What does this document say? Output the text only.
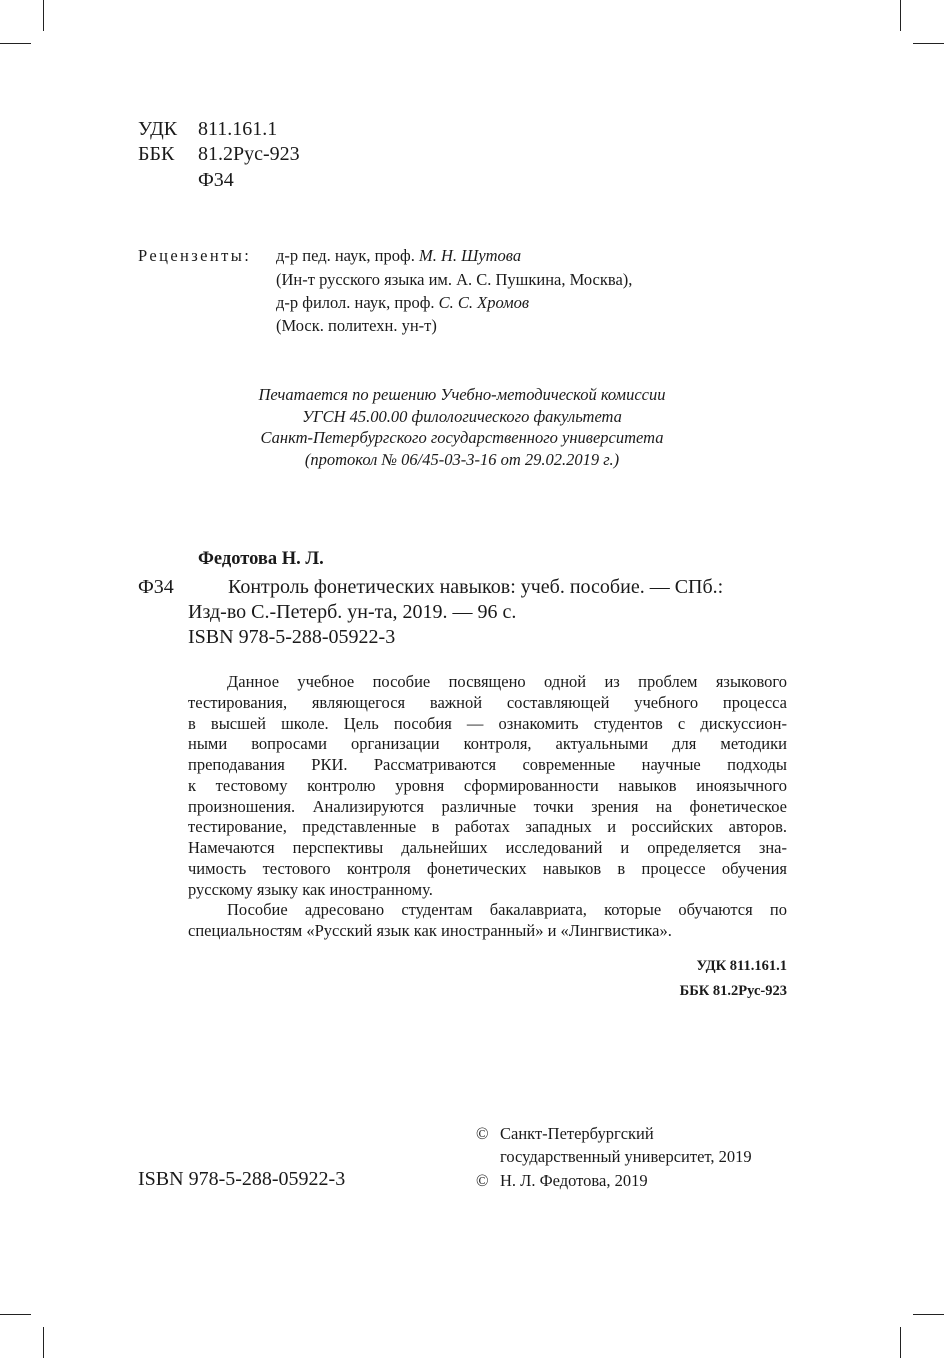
УДК 811.161.1
ББК 81.2Рус-923
Ф34
Рецензенты: д-р пед. наук, проф. М. Н. Шутова
(Ин-т русского языка им. А. С. Пушкина, Москва),
д-р филол. наук, проф. С. С. Хромов
(Моск. политехн. ун-т)
Печатается по решению Учебно-методической комиссии
УГСН 45.00.00 филологического факультета
Санкт-Петербургского государственного университета
(протокол № 06/45-03-3-16 от 29.02.2019 г.)
Федотова Н. Л.
Ф34	Контроль фонетических навыков: учеб. пособие. — СПб.:
Изд-во С.-Петерб. ун-та, 2019. — 96 с.
ISBN 978-5-288-05922-3
Данное учебное пособие посвящено одной из проблем языкового
тестирования, являющегося важной составляющей учебного процесса
в высшей школе. Цель пособия — ознакомить студентов с дискуссион-
ными вопросами организации контроля, актуальными для методики
преподавания РКИ. Рассматриваются современные научные подходы
к тестовому контролю уровня сформированности навыков иноязычного
произношения. Анализируются различные точки зрения на фонетическое
тестирование, представленные в работах западных и российских авторов.
Намечаются перспективы дальнейших исследований и определяется зна-
чимость тестового контроля фонетических навыков в процессе обучения
русскому языку как иностранному.
Пособие адресовано студентам бакалавриата, которые обучаются по
специальностям «Русский язык как иностранный» и «Лингвистика».
УДК 811.161.1
ББК 81.2Рус-923
© Санкт-Петербургский
государственный университет, 2019
ISBN 978-5-288-05922-3	© Н. Л. Федотова, 2019
